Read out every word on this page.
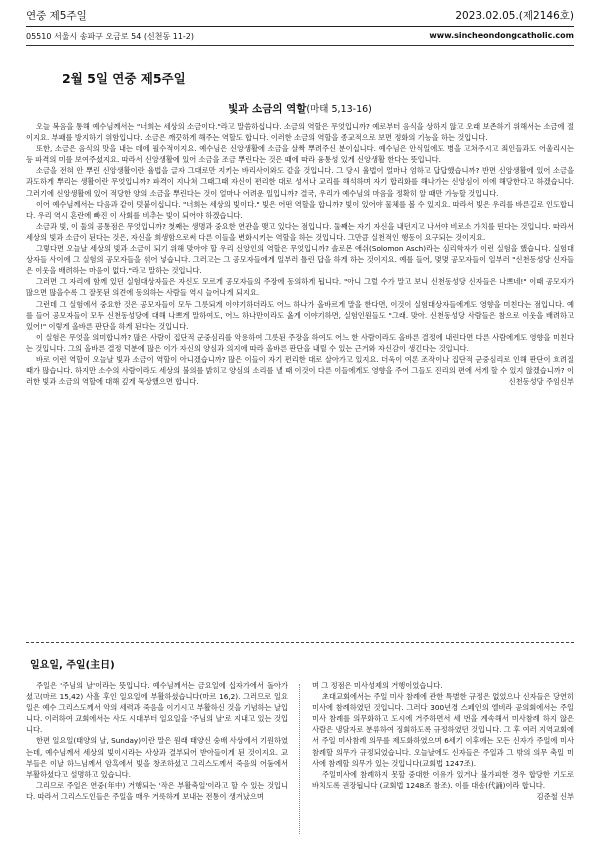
연중 제5주일	2023.02.05.(제2146호)
05510 서울시 송파구 오금로 54 (신천동 11-2)	www.sincheondongcatholic.com
2월 5일 연중 제5주일
빛과 소금의 역할(마태 5,13-16)

오늘 복음을 통해 예수님께서는 "너희는 세상의 소금이다."라고 말씀하십니다. 소금의 역할은 무엇입니까? 예로부터 음식을 상하지 않고 오래 보존하기 위해서는 소금에 절이지요. 부패를 방지하기 위함입니다. 소금은 깨끗하게 해주는 역할도 합니다. 이러한 소금의 역할을 종교적으로 보면 정화의 기능을 하는 것입니다.

또한, 소금은 음식의 맛을 내는 데에 필수적이지요. 예수님은 신앙생활에 소금을 살짝 뿌려주신 분이십니다. 예수님은 안식일에도 병을 고쳐주시고 죄인들과도 어울리시는 등 파격의 미를 보여주셨지요. 따라서 신앙생활에 있어 소금을 조금 뿌린다는 것은 때에 따라 융통성 있게 신앙생활 한다는 뜻입니다.

소금을 전혀 안 뿌린 신앙생활이란 율법을 글자 그대로만 지키는 바리사이와도 같을 것입니다. 그 당시 율법이 얼마나 엄하고 답답했습니까? 반면 신앙생활에 있어 소금을 과도하게 뿌리는 생활이란 무엇입니까? 파격이 지나쳐 그때그때 자신이 편리한 대로 성서나 교리를 해석하며 자기 합리화를 해나가는 신앙심이 이에 해당한다고 하겠습니다. 그러기에 신앙생활에 있어 적당한 양의 소금을 뿌린다는 것이 얼마나 어려운 일입니까? 결국, 우리가 예수님의 마음을 정확히 알 때만 가능할 것입니다.

이어 예수님께서는 다음과 같이 덧붙이십니다. "너희는 세상의 빛이다." 빛은 어떤 역할을 합니까? 빛이 있어야 물체를 볼 수 있지요. 따라서 빛은 우리를 바른길로 인도합니다. 우리 역시 혼란에 빠진 이 사회를 비추는 빛이 되어야 하겠습니다.

소금과 빛, 이 둘의 공통점은 무엇입니까? 첫째는 생명과 중요한 연관을 맺고 있다는 점입니다. 둘째는 자기 자신을 내던지고 나서야 비로소 가치를 띤다는 것입니다. 따라서 세상의 빛과 소금이 된다는 것은, 자신을 희생함으로써 다른 이들을 변화시키는 역할을 하는 것입니다. 그만큼 실천적인 행동이 요구되는 것이지요.

그렇다면 오늘날 세상의 빛과 소금이 되기 위해 맞아야 할 우리 신앙인의 역할은 무엇입니까? 솔로몬 애쉬(Solomon Asch)라는 심리학자가 이런 실험을 했습니다. 실험대상자들 사이에 그 실험의 공모자들을 섞어 넣습니다. 그러고는 그 공모자들에게 일부러 틀린 답을 하게 하는 것이지요. 예를 들어, 몇몇 공모자들이 일부러 "신천동성당 신자들은 이웃을 배려하는 마음이 없다."라고 말하는 것입니다.

그러면 그 자리에 함께 있던 실험대상자들은 자신도 모르게 공모자들의 주장에 동의하게 됩니다. "아니 그럴 수가 말고 보니 신천동성당 신자들은 나쁘네!" 이때 공모자가 많으면 많을수록 그 잘못된 의견에 동의하는 사람들 역시 늘어나게 되지요.

그런데 그 실험에서 중요한 것은 공모자들이 모두 그릇되게 이야기하더라도 어느 하나가 올바르게 말을 한다면, 이것이 실험대상자들에게도 영향을 미친다는 점입니다. 예를 들어 공모자들이 모두 신천동성당에 대해 나쁘게 말하여도, 어느 하나만이라도 옳게 이야기하면, 실험인원들도 "그래. 맞아. 신천동성당 사람들은 참으로 이웃을 배려하고 있어!" 이렇게 올바른 판단을 하게 된다는 것입니다.

이 실험은 무엇을 의미합니까? 많은 사람이 집단적 군중심리를 악용하여 그릇된 주장을 하여도 어느 한 사람이라도 올바른 결정에 내린다면 다른 사람에게도 영향을 미친다는 것입니다. 그의 올바른 결정 덕분에 많은 이가 자신의 양심과 의지에 따라 올바른 판단을 내릴 수 있는 근거와 자신감이 생긴다는 것입니다.

바로 이런 역할이 오늘날 빛과 소금이 역할이 아니겠습니까? 많은 이들이 자기 편리한 대로 살아가고 있지요. 더욱이 여론 조작이나 집단적 군중심리로 인해 판단이 흐려질 때가 많습니다. 하지만 소수의 사람이라도 세상의 불의를 밝히고 양심의 소리를 낼 때 이것이 다른 이들에게도 영향을 주어 그들도 진리의 편에 서게 할 수 있지 않겠습니까? 이러한 빛과 소금의 역할에 대해 깊게 묵상했으면 합니다.	신천동성당 주임신부

일요일, 주일(主日)

주일은 '주님의 날'이라는 뜻입니다. 예수님께서는 금요일에 십자가에서 돌아가셨고(마르 15,42) 사흘 후인 일요일에 부활하셨습니다(마르 16,2). 그러므로 일요일은 예수 그리스도께서 악의 세력과 죽음을 이기시고 부활하신 것을 기념하는 날입니다. 이러하여 교회에서는 사도 시대부터 일요일을 '주님의 날'로 지내고 있는 것입니다.

한편 일요일(태양의 날, Sunday)이란 말은 원래 태양신 숭배 사상에서 기원하였는데, 예수님께서 세상의 빛이시라는 사상과 결부되어 받아들이게 된 것이지요. 교부들은 이날 하느님께서 암흑에서 빛을 창조하셨고 그리스도께서 죽음의 어둠에서 부활하셨다고 설명하고 있습니다.

그리므로 주일은 연중(年中) 거행되는 '작은 부활축일'이라고 할 수 있는 것입니다. 따라서 그리스도인들은 주일을 매우 거룩하게 보내는 전통이 생겨났으며

며 그 정점은 미사성제의 거행이었습니다.

초대교회에서는 주일 미사 참례에 관한 특별한 규정은 없었으나 신자들은 당연히 미사에 참례하였던 것입니다. 그러다 300년경 스페인의 엘비라 공의회에서는 주일미사 참례를 의무화하고 도시에 거주하면서 세 번을 계속해서 미사참례 하지 않은 사람은 냉담자로 분류하여 징회하도록 규정하였던 것입니다. 그 후 여러 지역교회에서 주일 미사참례 의무를 제도화하였으며 6세기 이후에는 모든 신자가 주일에 미사참례할 의무가 규정되었습니다. 오늘날에도 신자들은 주일과 그 밖의 의무 축일 미사에 참례할 의무가 있는 것입니다(교회법 1247조).

주일미사에 참례하지 못할 중대한 이유가 있거나 불가피한 경우 합당한 기도로 바치도록 권장됩니다 (교회법 1248조 참조). 이를 대송(代誦)이라 합니다.

김준철 신부
